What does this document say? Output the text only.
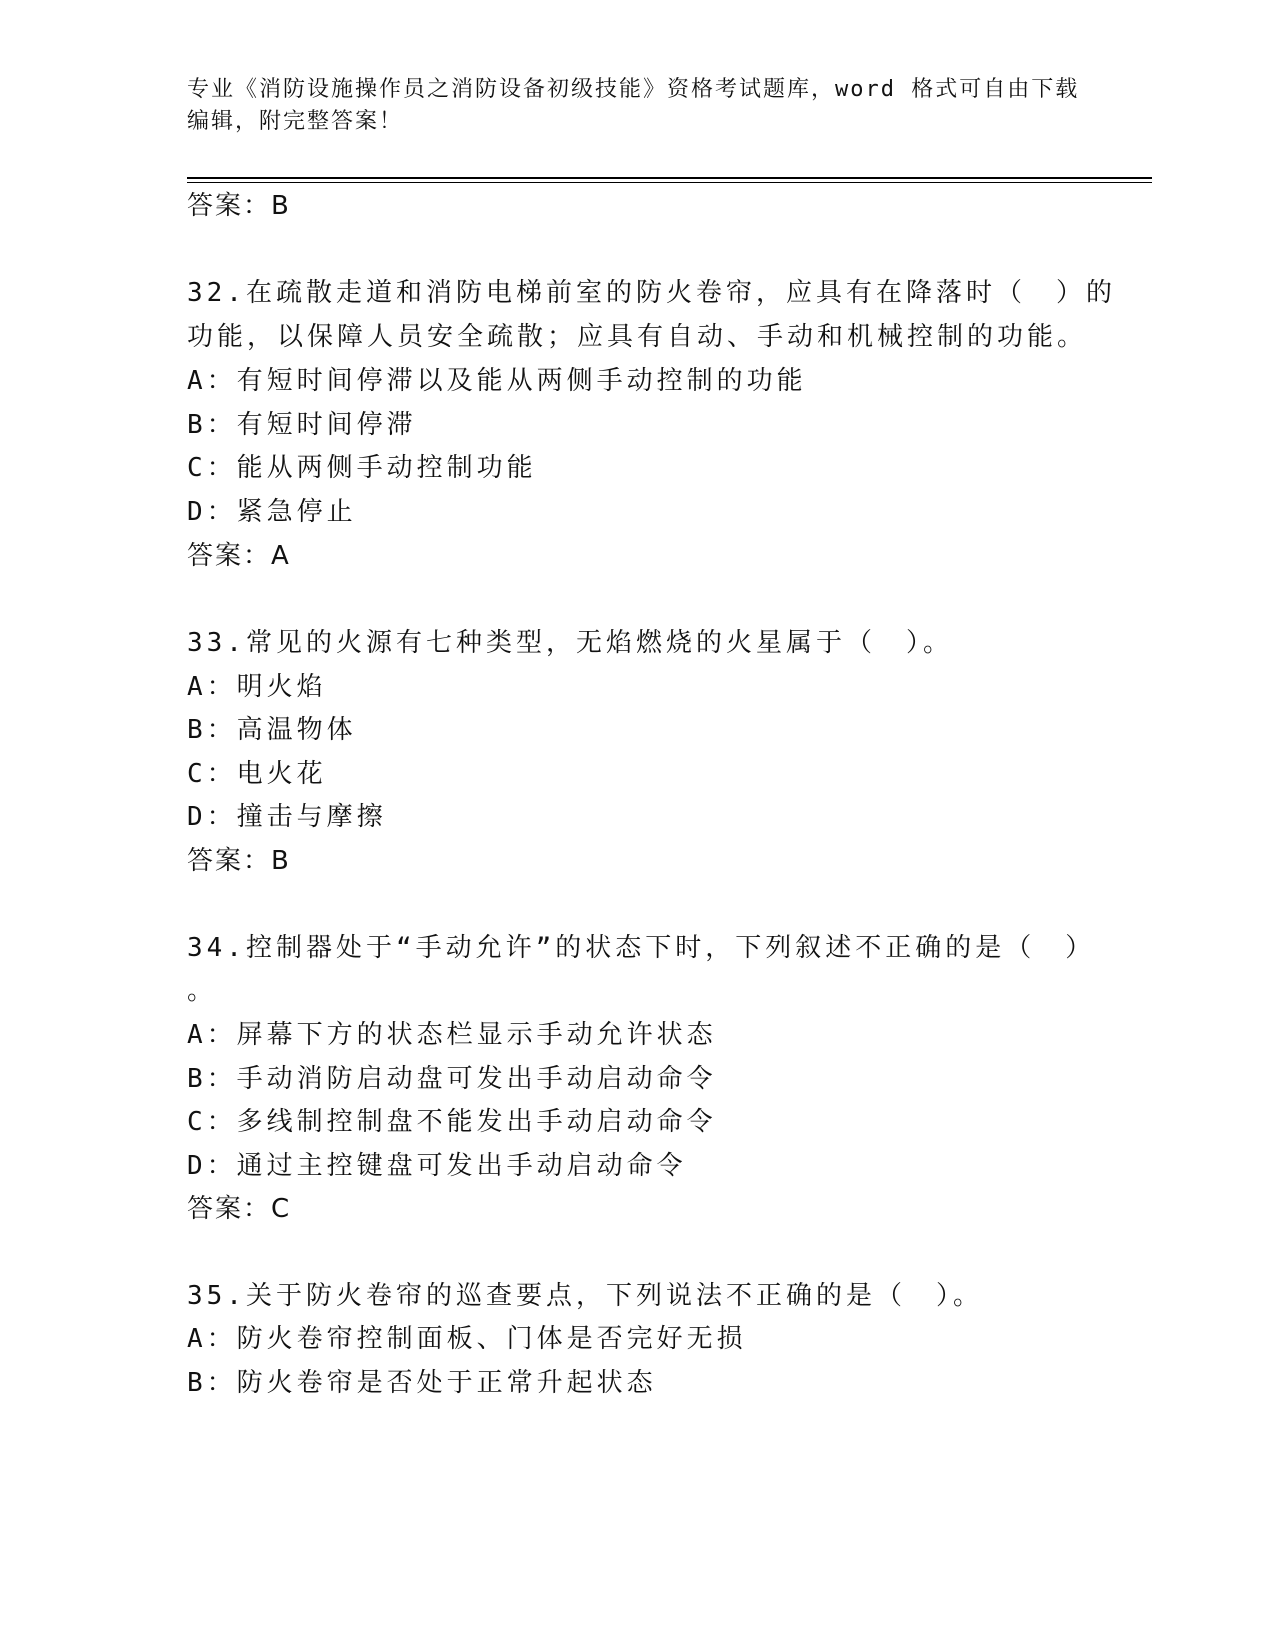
专业《消防设施操作员之消防设备初级技能》资格考试题库，word 格式可自由下载编辑，附完整答案！
答案：B
32.在疏散走道和消防电梯前室的防火卷帘，应具有在降落时（　）的
功能，以保障人员安全疏散；应具有自动、手动和机械控制的功能。
A：有短时间停滞以及能从两侧手动控制的功能
B：有短时间停滞
C：能从两侧手动控制功能
D：紧急停止
答案：A
33.常见的火源有七种类型，无焰燃烧的火星属于（　）。
A：明火焰
B：高温物体
C：电火花
D：撞击与摩擦
答案：B
34.控制器处于“手动允许”的状态下时，下列叙述不正确的是（　）
。
A：屏幕下方的状态栏显示手动允许状态
B：手动消防启动盘可发出手动启动命令
C：多线制控制盘不能发出手动启动命令
D：通过主控键盘可发出手动启动命令
答案：C
35.关于防火卷帘的巡查要点，下列说法不正确的是（　）。
A：防火卷帘控制面板、门体是否完好无损
B：防火卷帘是否处于正常升起状态
